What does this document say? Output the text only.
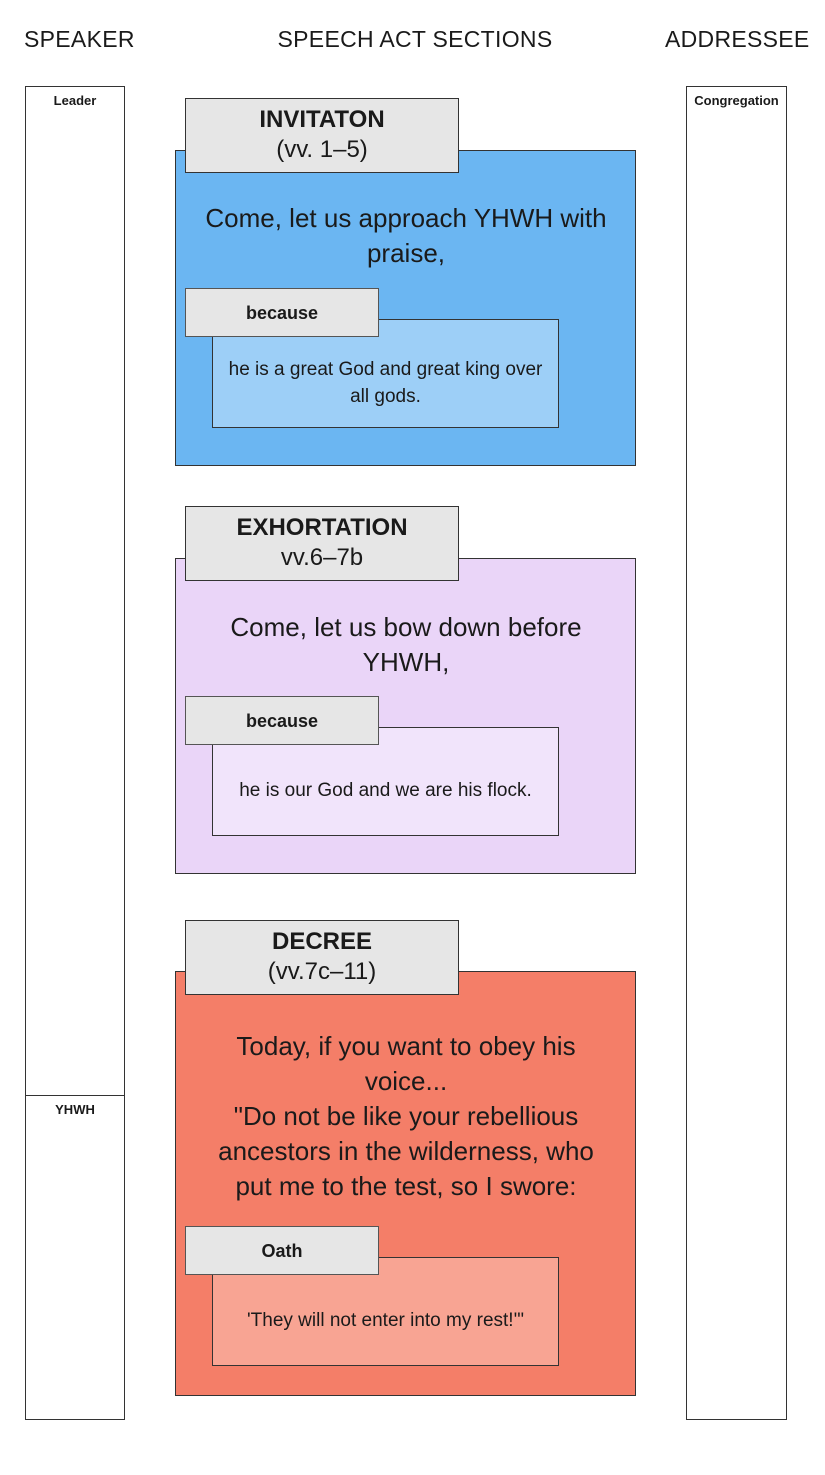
SPEAKER	SPEECH ACT SECTIONS	ADDRESSEE
Leader
YHWH
Congregation
INVITATON
(vv. 1–5)
Come, let us approach YHWH with praise,
he is a great God and great king over all gods.
because
EXHORTATION
vv.6–7b
Come, let us bow down before YHWH,
he is our God and we are his flock.
because
DECREE
(vv.7c–11)
Today, if you want to obey his voice...
"Do not be like your rebellious ancestors in the wilderness, who put me to the test, so I swore:
'They will not enter into my rest!'"
Oath
